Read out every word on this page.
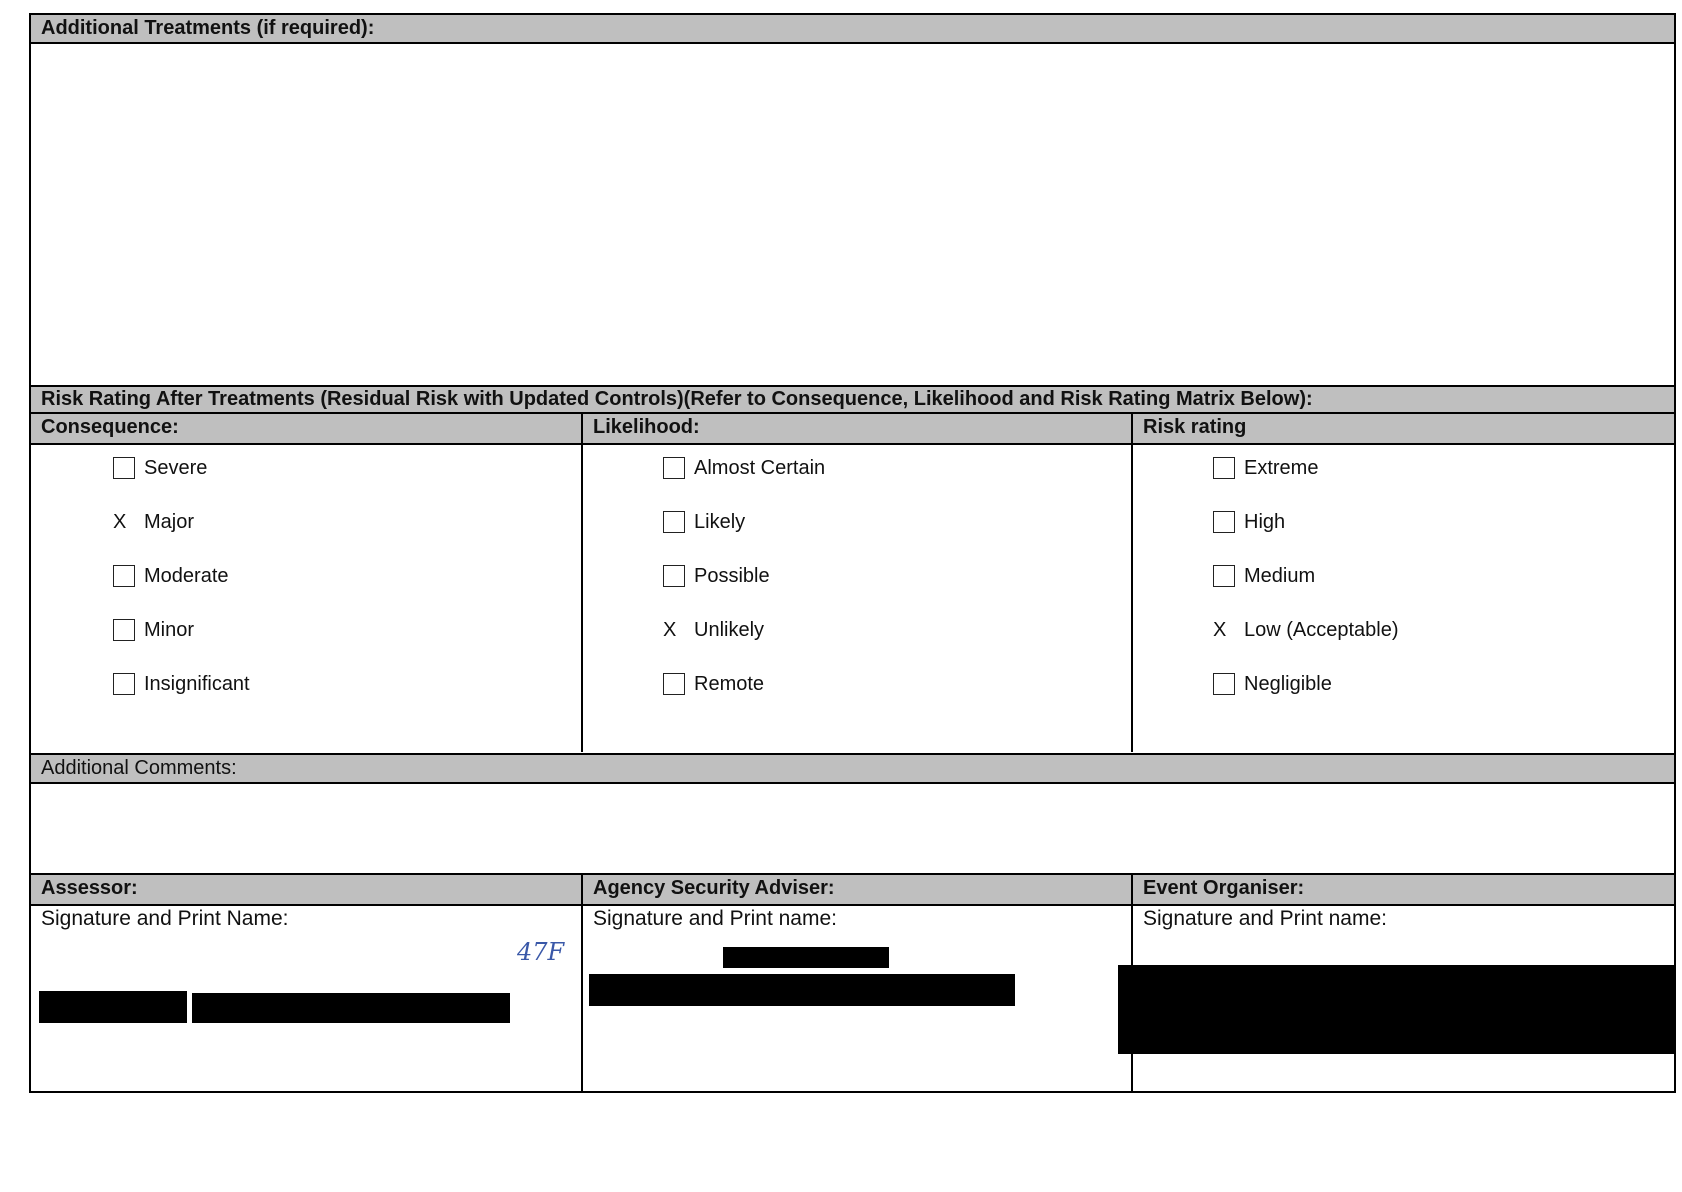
Additional Treatments (if required):
Risk Rating After Treatments (Residual Risk with Updated Controls)(Refer to Consequence, Likelihood and Risk Rating Matrix Below):
Consequence:
Severe
X Major
Moderate
Minor
Insignificant
Likelihood:
Almost Certain
Likely
Possible
X Unlikely
Remote
Risk rating
Extreme
High
Medium
X Low (Acceptable)
Negligible
Additional Comments:
Assessor:
Signature and Print Name:
47F
Agency Security Adviser:
Signature and Print name:
Event Organiser:
Signature and Print name:
